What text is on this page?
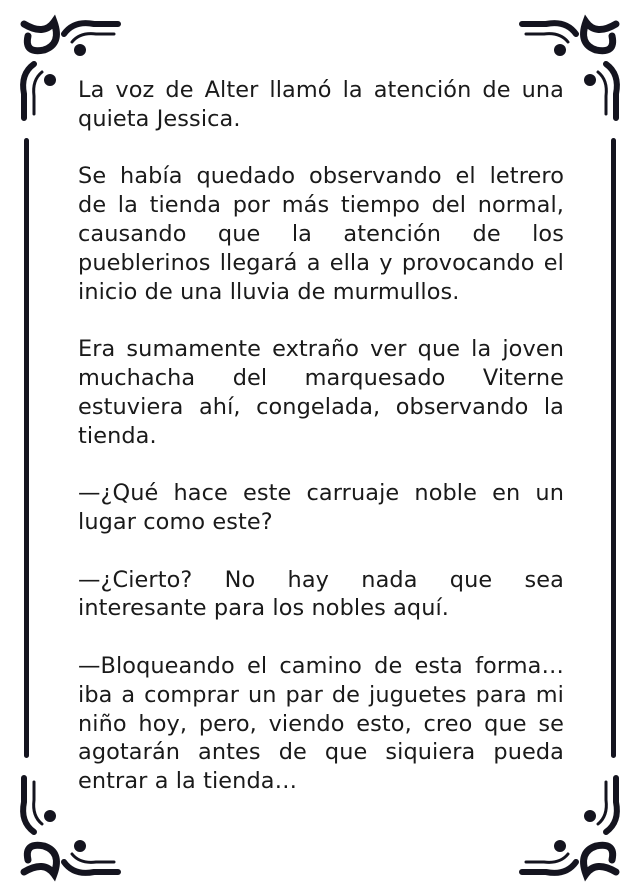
La voz de Alter llamó la atención de una quieta Jessica.

Se había quedado observando el letrero de la tienda por más tiempo del normal, causando que la atención de los pueblerinos llegará a ella y provocando el inicio de una lluvia de murmullos.

Era sumamente extraño ver que la joven muchacha del marquesado Viterne estuviera ahí, congelada, observando la tienda.

—¿Qué hace este carruaje noble en un lugar como este?

—¿Cierto? No hay nada que sea interesante para los nobles aquí.

—Bloqueando el camino de esta forma… iba a comprar un par de juguetes para mi niño hoy, pero, viendo esto, creo que se agotarán antes de que siquiera pueda entrar a la tienda…
